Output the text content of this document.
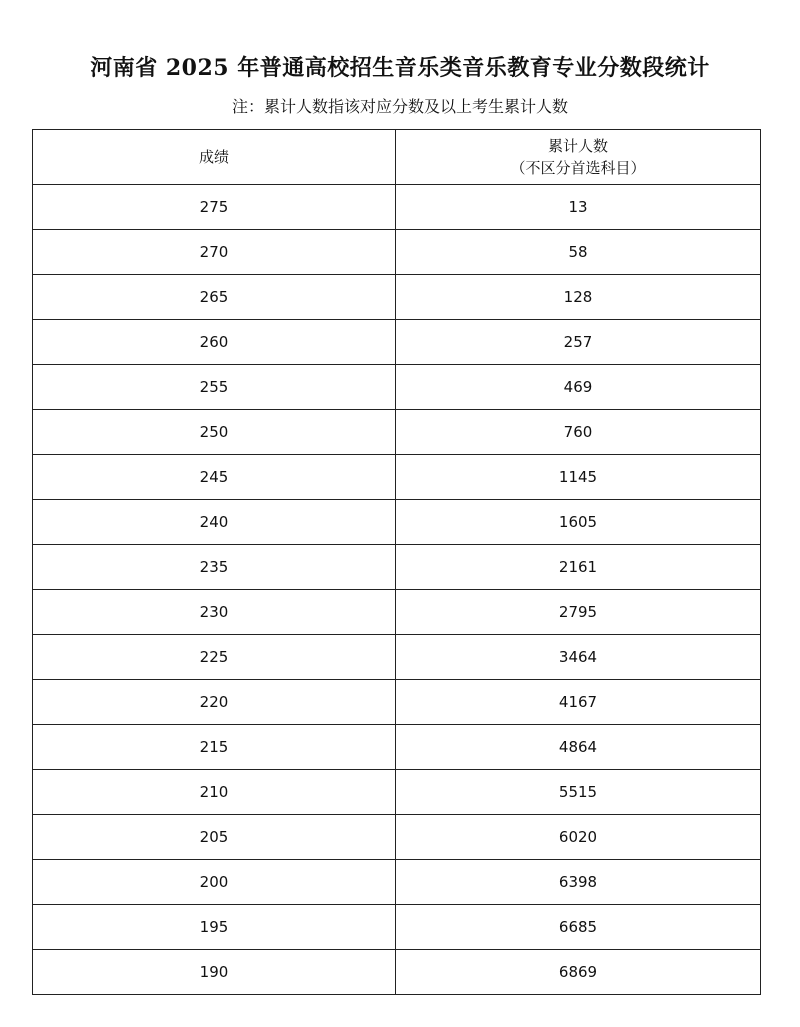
河南省 2025 年普通高校招生音乐类音乐教育专业分数段统计
注：累计人数指该对应分数及以上考生累计人数
成绩	累计人数
（不区分首选科目）

275	13
270	58
265	128
260	257
255	469
250	760
245	1145
240	1605
235	2161
230	2795
225	3464
220	4167
215	4864
210	5515
205	6020
200	6398
195	6685
190	6869
